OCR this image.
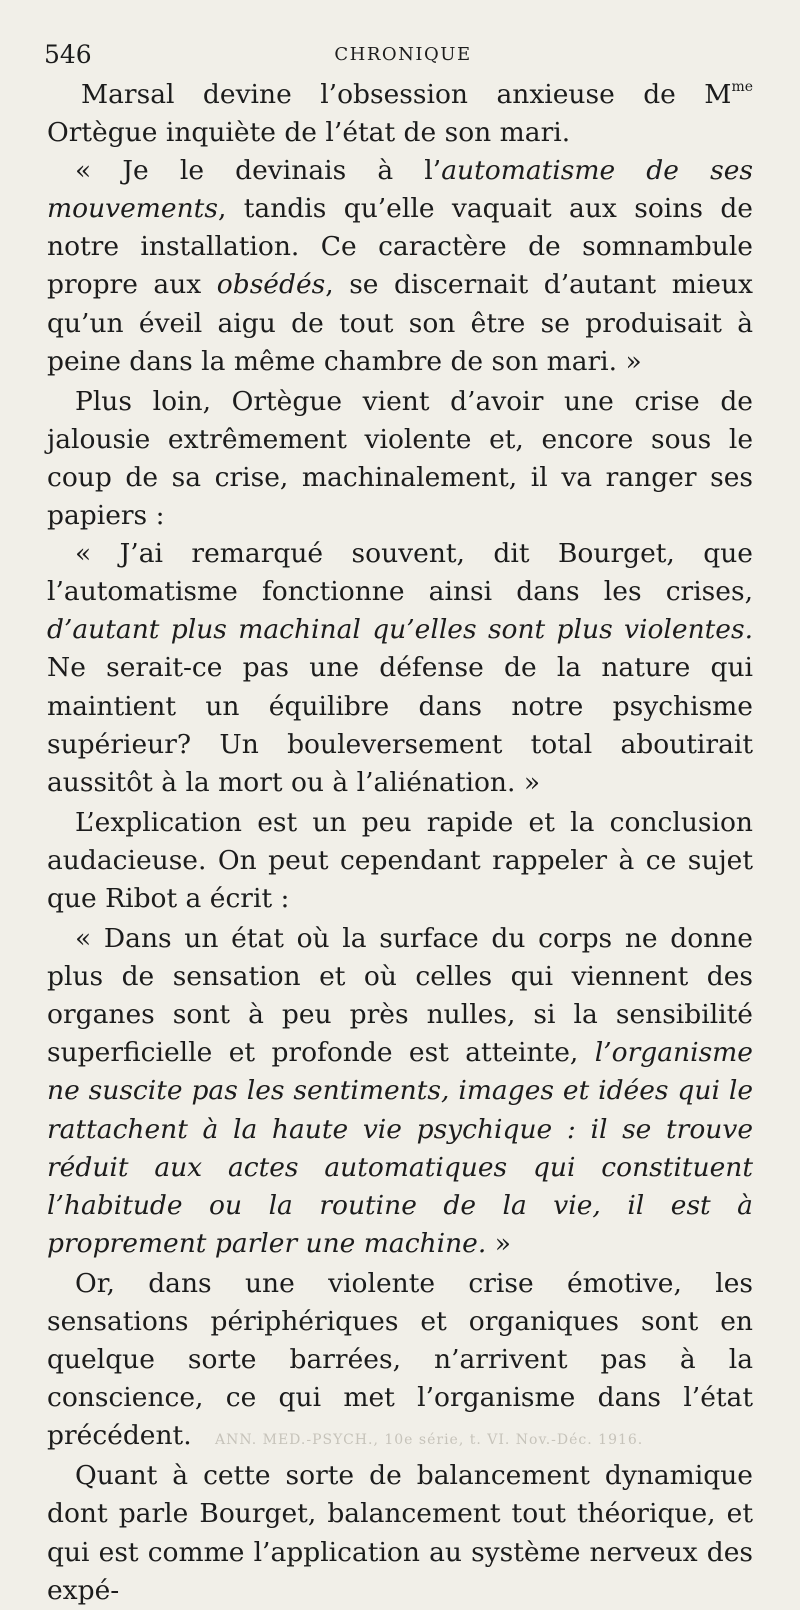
546	CHRONIQUE

Marsal devine l’obsession anxieuse de $M^{me}$ Ortègue inquiète de l’état de son mari.

« Je le devinais à l’automatisme de ses mouvements, tandis qu’elle vaquait aux soins de notre installation. Ce caractère de somnambule propre aux obsédés, se discernait d’autant mieux qu’un éveil aigu de tout son être se produisait à peine dans la même chambre de son mari. »

Plus loin, Ortègue vient d’avoir une crise de jalousie extrêmement violente et, encore sous le coup de sa crise, machinalement, il va ranger ses papiers :

« J’ai remarqué souvent, dit Bourget, que l’automatisme fonctionne ainsi dans les crises, d’autant plus machinal qu’elles sont plus violentes. Ne serait-ce pas une défense de la nature qui maintient un équilibre dans notre psychisme supérieur? Un bouleversement total aboutirait aussitôt à la mort ou à l’aliénation. »

L’explication est un peu rapide et la conclusion audacieuse. On peut cependant rappeler à ce sujet que Ribot a écrit :

« Dans un état où la surface du corps ne donne plus de sensation et où celles qui viennent des organes sont à peu près nulles, si la sensibilité superficielle et profonde est atteinte, l’organisme ne suscite pas les sentiments, images et idées qui le rattachent à la haute vie psychique : il se trouve réduit aux actes automatiques qui constituent l’habitude ou la routine de la vie, il est à proprement parler une machine. »

Or, dans une violente crise émotive, les sensations périphériques et organiques sont en quelque sorte barrées, n’arrivent pas à la conscience, ce qui met l’organisme dans l’état précédent.

Quant à cette sorte de balancement dynamique dont parle Bourget, balancement tout théorique, et qui est comme l’application au système nerveux des expé-

ANN. MED.-PSYCH., 10e série, t. VI. Nov.-Déc. 1916.
